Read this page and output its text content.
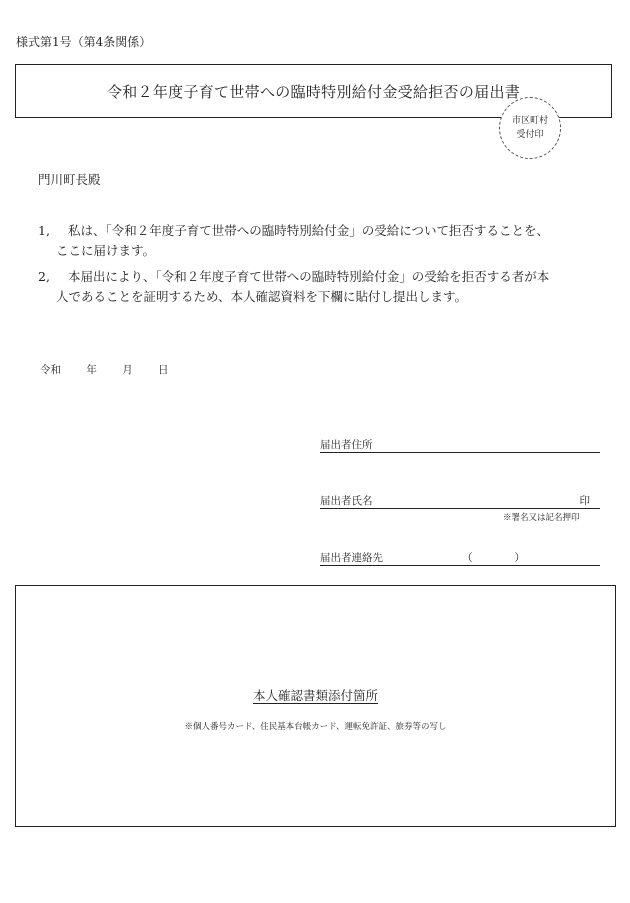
様式第1号（第4条関係）
令和２年度子育て世帯への臨時特別給付金受給拒否の届出書
市区町村
受付印
門川町長殿
1,	私は、「令和２年度子育て世帯への臨時特別給付金」の受給について拒否することを、
ここに届けます。
2,	本届出により、「令和２年度子育て世帯への臨時特別給付金」の受給を拒否する者が本
人であることを証明するため、本人確認資料を下欄に貼付し提出します。
令和 年 月 日
届出者住所
届出者氏名	印
※署名又は記名押印
届出者連絡先	（　　　　）
本人確認書類添付箇所
※個人番号カード、住民基本台帳カード、運転免許証、旅券等の写し
